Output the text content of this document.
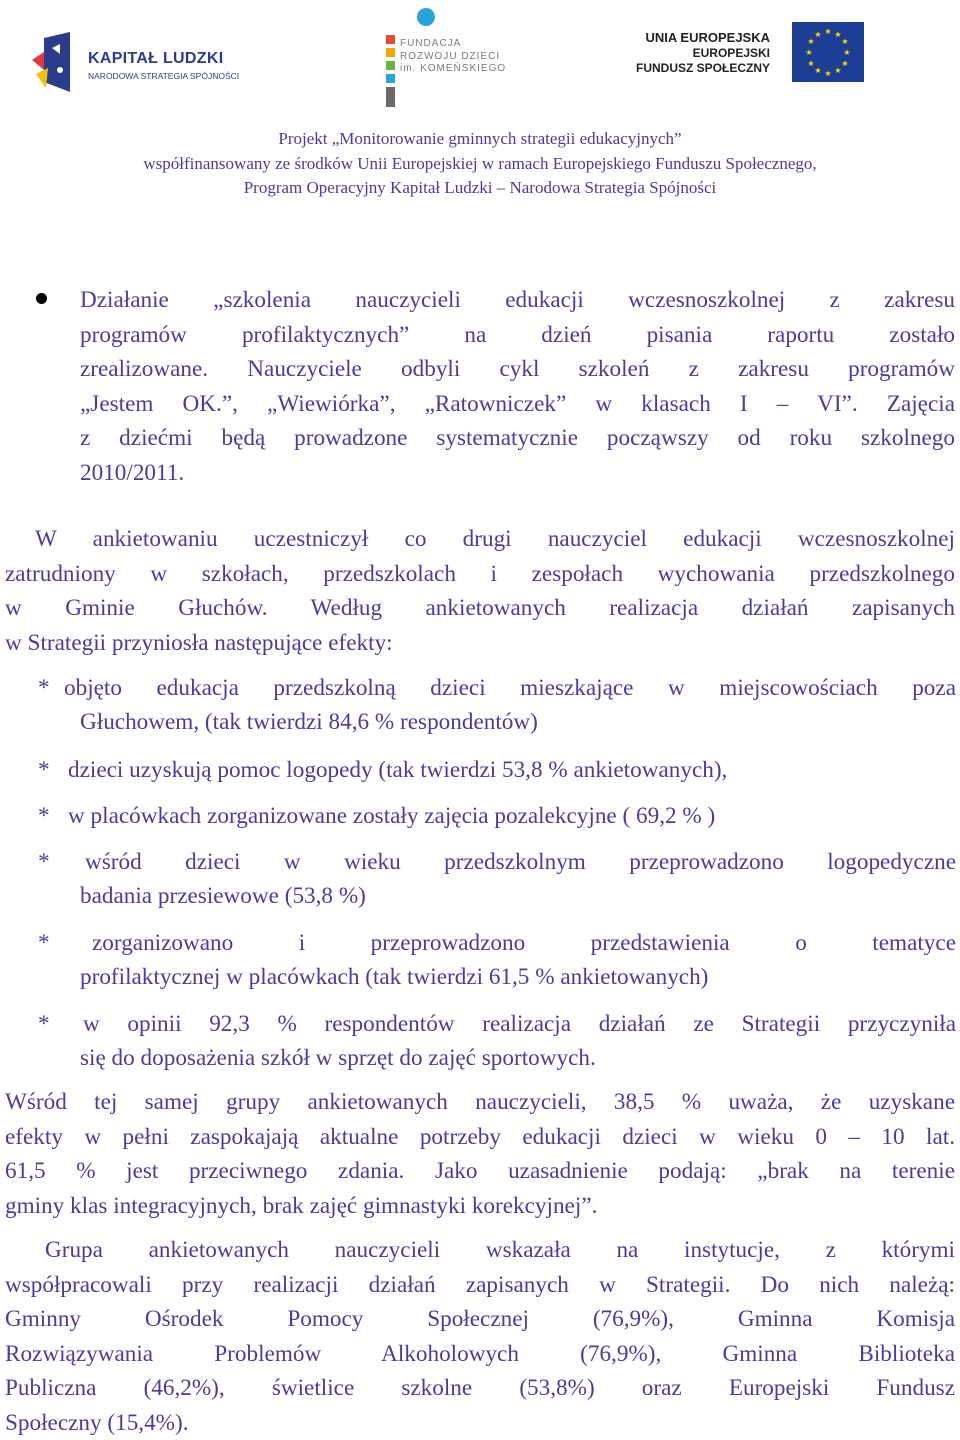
KAPITAŁ LUDZKI
NARODOWA STRATEGIA SPÓJNOŚCI
FUNDACJA
ROZWOJU DZIECI
im. KOMEŃSKIEGO
UNIA EUROPEJSKA
EUROPEJSKI
FUNDUSZ SPOŁECZNY
★ ★
★
★
★
★
★
★
★
★
★
★
Projekt „Monitorowanie gminnych strategii edukacyjnych”
współfinansowany ze środków Unii Europejskiej w ramach Europejskiego Funduszu Społecznego,
Program Operacyjny Kapitał Ludzki – Narodowa Strategia Spójności
Działanie „szkolenia nauczycieli edukacji wczesnoszkolnej z zakresu
programów profilaktycznych” na dzień pisania raportu zostało
zrealizowane. Nauczyciele odbyli cykl szkoleń z zakresu programów
„Jestem OK.”, „Wiewiórka”, „Ratowniczek” w klasach I – VI”. Zajęcia
z dziećmi będą prowadzone systematycznie począwszy od roku szkolnego
2010/2011.
W ankietowaniu uczestniczył co drugi nauczyciel edukacji wczesnoszkolnej
zatrudniony w szkołach, przedszkolach i zespołach wychowania przedszkolnego
w Gminie Głuchów. Według ankietowanych realizacja działań zapisanych
w Strategii przyniosła następujące efekty:
* objęto edukacja przedszkolną dzieci mieszkające w miejscowościach poza
Głuchowem, (tak twierdzi 84,6 % respondentów)
* dzieci uzyskują pomoc logopedy (tak twierdzi 53,8 % ankietowanych),
* w placówkach zorganizowane zostały zajęcia pozalekcyjne ( 69,2 % )
* wśród dzieci w wieku przedszkolnym przeprowadzono logopedyczne
badania przesiewowe (53,8 %)
* zorganizowano i przeprowadzono przedstawienia o tematyce
profilaktycznej w placówkach (tak twierdzi 61,5 % ankietowanych)
* w opinii 92,3 % respondentów realizacja działań ze Strategii przyczyniła
się do doposażenia szkół w sprzęt do zajęć sportowych.
Wśród tej samej grupy ankietowanych nauczycieli, 38,5 % uważa, że uzyskane
efekty w pełni zaspokajają aktualne potrzeby edukacji dzieci w wieku 0 – 10 lat.
61,5 % jest przeciwnego zdania. Jako uzasadnienie podają: „brak na terenie
gminy klas integracyjnych, brak zajęć gimnastyki korekcyjnej”.
Grupa ankietowanych nauczycieli wskazała na instytucje, z którymi
współpracowali przy realizacji działań zapisanych w Strategii. Do nich należą:
Gminny Ośrodek Pomocy Społecznej (76,9%), Gminna Komisja
Rozwiązywania Problemów Alkoholowych (76,9%), Gminna Biblioteka
Publiczna (46,2%), świetlice szkolne (53,8%) oraz Europejski Fundusz
Społeczny (15,4%).
